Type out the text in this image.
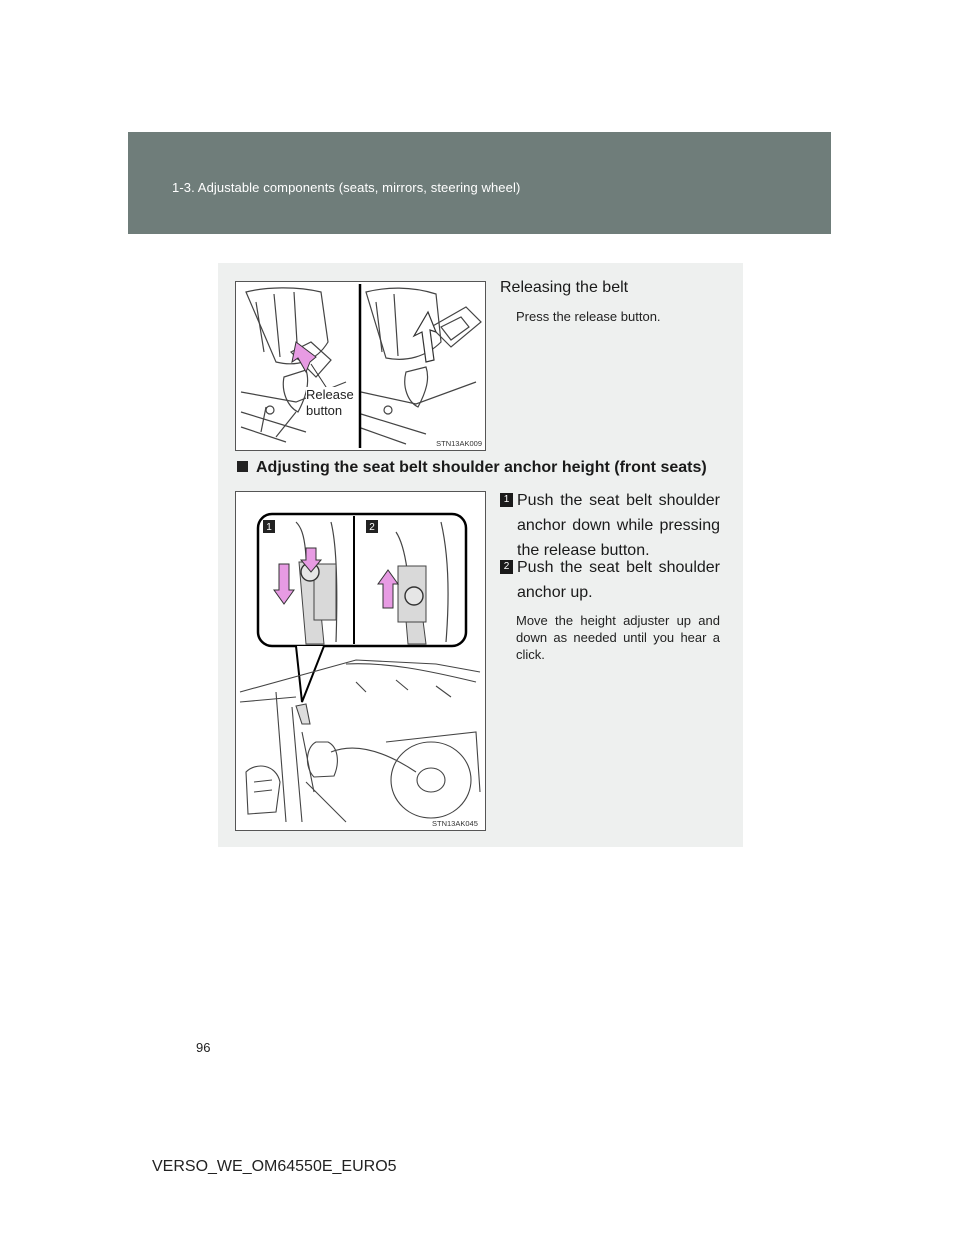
1-3. Adjustable components (seats, mirrors, steering wheel)
Release
button
STN13AK009
Releasing the belt
Press the release button.
Adjusting the seat belt shoulder anchor height (front seats)
1	2
STN13AK045
1 Push the seat belt shoulder anchor down while pressing the release button.
2 Push the seat belt shoulder anchor up.
Move the height adjuster up and down as needed until you hear a click.
96
VERSO_WE_OM64550E_EURO5
